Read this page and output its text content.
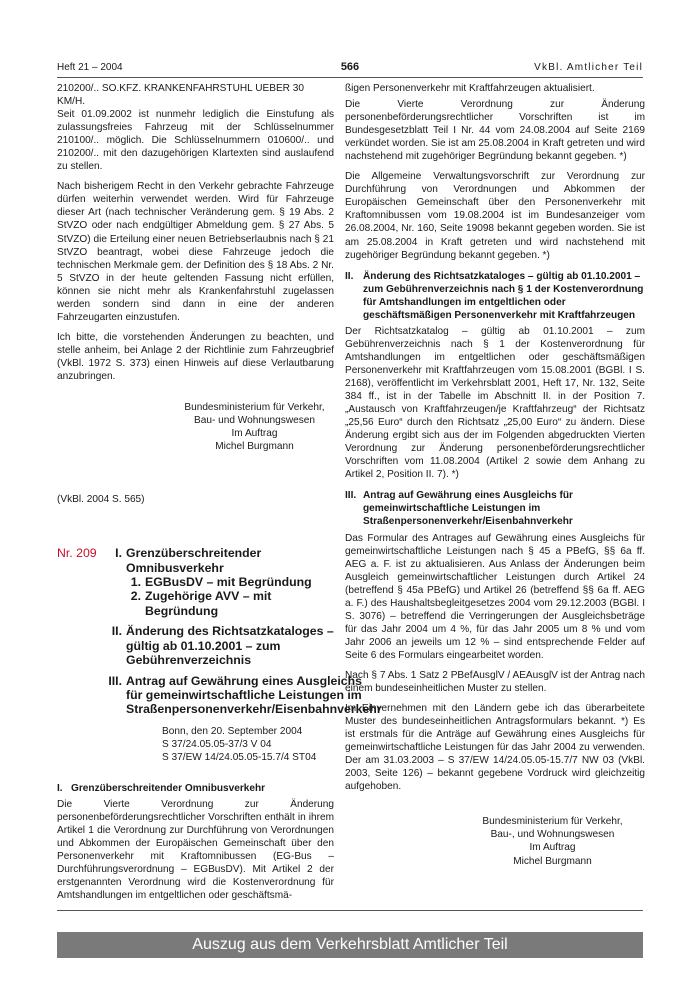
Heft 21 – 2004	566	VkBl. Amtlicher Teil

210200/.. SO.KFZ. KRANKENFAHRSTUHL UEBER 30 KM/H.

Seit 01.09.2002 ist nunmehr lediglich die Einstufung als zulassungsfreies Fahrzeug mit der Schlüsselnummer 210100/.. möglich. Die Schlüsselnummern 010600/.. und 210200/.. mit den dazugehörigen Klartexten sind auslaufend zu stellen.

Nach bisherigem Recht in den Verkehr gebrachte Fahrzeuge dürfen weiterhin verwendet werden. Wird für Fahrzeuge dieser Art (nach technischer Veränderung gem. § 19 Abs. 2 StVZO oder nach endgültiger Abmeldung gem. § 27 Abs. 5 StVZO) die Erteilung einer neuen Betriebserlaubnis nach § 21 StVZO beantragt, wobei diese Fahrzeuge jedoch die technischen Merkmale gem. der Definition des § 18 Abs. 2 Nr. 5 StVZO in der heute geltenden Fassung nicht erfüllen, können sie nicht mehr als Krankenfahrstuhl zugelassen werden sondern sind dann in eine der anderen Fahrzeugarten einzustufen.

Ich bitte, die vorstehenden Änderungen zu beachten, und stelle anheim, bei Anlage 2 der Richtlinie zum Fahrzeugbrief (VkBl. 1972 S. 373) einen Hinweis auf diese Verlautbarung anzubringen.

Bundesministerium für Verkehr,
Bau- und Wohnungswesen
Im Auftrag
Michel Burgmann
(VkBl. 2004 S. 565)
Nr. 209	I. Grenzüberschreitender Omnibusverkehr
1. EGBusDV – mit Begründung
2. Zugehörige AVV – mit Begründung
II. Änderung des Richtsatzkataloges – gültig ab 01.10.2001 – zum Gebührenverzeichnis
III. Antrag auf Gewährung eines Ausgleichs für gemeinwirtschaftliche Leistungen im Straßenpersonenverkehr/Eisenbahnverkehr
Bonn, den 20. September 2004
S 37/24.05.05-37/3 V 04
S 37/EW 14/24.05.05-15.7/4 ST04
I.   Grenzüberschreitender Omnibusverkehr

Die Vierte Verordnung zur Änderung personenbeförderungsrechtlicher Vorschriften enthält in ihrem Artikel 1 die Verordnung zur Durchführung von Verordnungen und Abkommen der Europäischen Gemeinschaft über den Personenverkehr mit Kraftomnibussen (EG-Bus – Durchführungsverordnung – EGBusDV). Mit Artikel 2 der erstgenannten Verordnung wird die Kostenverordnung für Amtshandlungen im entgeltlichen oder geschäftsmä-

ßigen Personenverkehr mit Kraftfahrzeugen aktualisiert.

Die Vierte Verordnung zur Änderung personenbeförderungsrechtlicher Vorschriften ist im Bundesgesetzblatt Teil I Nr. 44 vom 24.08.2004 auf Seite 2169 verkündet worden. Sie ist am 25.08.2004 in Kraft getreten und wird nachstehend mit zugehöriger Begründung bekannt gegeben. *)

Die Allgemeine Verwaltungsvorschrift zur Verordnung zur Durchführung von Verordnungen und Abkommen der Europäischen Gemeinschaft über den Personenverkehr mit Kraftomnibussen vom 19.08.2004 ist im Bundesanzeiger vom 26.08.2004, Nr. 160, Seite 19098 bekannt gegeben worden. Sie ist am 25.08.2004 in Kraft getreten und wird nachstehend mit zugehöriger Begründung bekannt gegeben. *)

II. Änderung des Richtsatzkataloges – gültig ab 01.10.2001 – zum Gebührenverzeichnis nach § 1 der Kostenverordnung für Amtshandlungen im entgeltlichen oder geschäftsmäßigen Personenverkehr mit Kraftfahrzeugen

Der Richtsatzkatalog – gültig ab 01.10.2001 – zum Gebührenverzeichnis nach § 1 der Kostenverordnung für Amtshandlungen im entgeltlichen oder geschäftsmäßigen Personenverkehr mit Kraftfahrzeugen vom 15.08.2001 (BGBl. I S. 2168), veröffentlicht im Verkehrsblatt 2001, Heft 17, Nr. 132, Seite 384 ff., ist in der Tabelle im Abschnitt II. in der Position 7. „Austausch von Kraftfahrzeugen/je Kraftfahrzeug“ der Richtsatz „25,56 Euro“ durch den Richtsatz „25,00 Euro“ zu ändern. Diese Änderung ergibt sich aus der im Folgenden abgedruckten Vierten Verordnung zur Änderung personenbeförderungsrechtlicher Vorschriften vom 11.08.2004 (Artikel 2 sowie dem Anhang zu Artikel 2, Position II. 7). *)

III. Antrag auf Gewährung eines Ausgleichs für gemeinwirtschaftliche Leistungen im Straßenpersonenverkehr/Eisenbahnverkehr

Das Formular des Antrages auf Gewährung eines Ausgleichs für gemeinwirtschaftliche Leistungen nach § 45 a PBefG, §§ 6a ff. AEG a. F. ist zu aktualisieren. Aus Anlass der Änderungen beim Ausgleich gemeinwirtschaftlicher Leistungen durch Artikel 24 (betreffend § 45a PBefG) und Artikel 26 (betreffend §§ 6a ff. AEG a. F.) des Haushaltsbegleitgesetzes 2004 vom 29.12.2003 (BGBl. I S. 3076) – betreffend die Verringerungen der Ausgleichsbeträge für das Jahr 2004 um 4 %, für das Jahr 2005 um 8 % und vom Jahr 2006 an jeweils um 12 % – sind entsprechende Felder auf Seite 6 des Formulars eingearbeitet worden.

Nach § 7 Abs. 1 Satz 2 PBefAusglV / AEAusglV ist der Antrag nach einem bundeseinheitlichen Muster zu stellen.

Im Einvernehmen mit den Ländern gebe ich das überarbeitete Muster des bundeseinheitlichen Antragsformulars bekannt. *) Es ist erstmals für die Anträge auf Gewährung eines Ausgleichs für gemeinwirtschaftliche Leistungen für das Jahr 2004 zu verwenden. Der am 31.03.2003 – S 37/EW 14/24.05.05-15.7/7 NW 03 (VkBl. 2003, Seite 126) – bekannt gegebene Vordruck wird gleichzeitig aufgehoben.

Bundesministerium für Verkehr,
Bau-, und Wohnungswesen
Im Auftrag
Michel Burgmann
Auszug aus dem Verkehrsblatt Amtlicher Teil
